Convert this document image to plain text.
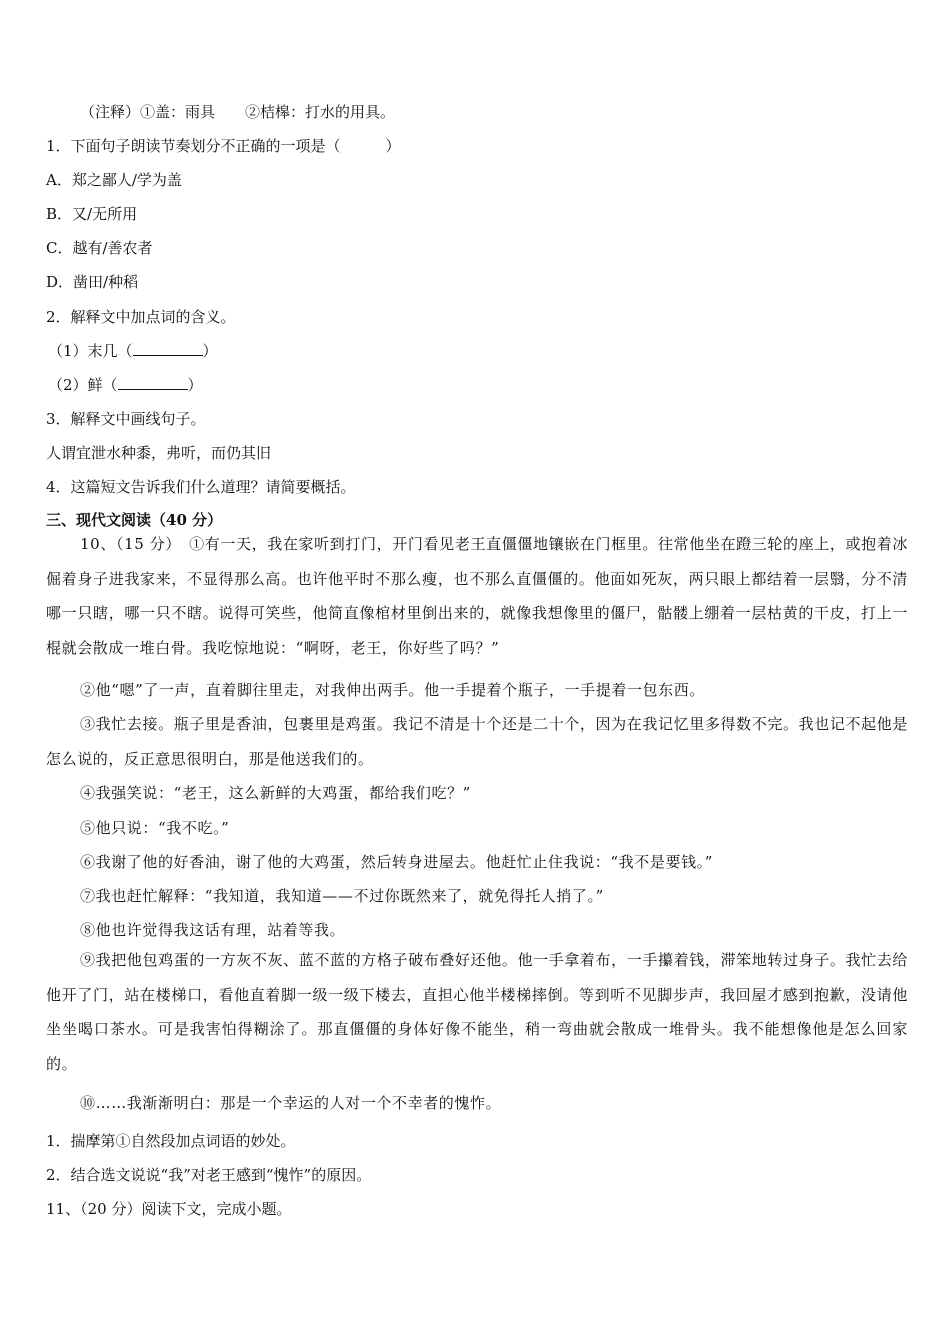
（注释）①盖：雨具　　②桔槔：打水的用具。
1．下面句子朗读节奏划分不正确的一项是（　　　）
A．郑之鄙人/学为盖
B．又/无所用
C．越有/善农者
D．凿田/种稻
2．解释文中加点词的含义。
（1）末几（	）
（2）鲜（	）
3．解释文中画线句子。
人谓宜泄水种黍，弗听，而仍其旧
4．这篇短文告诉我们什么道理？请简要概括。
三、现代文阅读（40 分）
10、（15 分）　①有一天，我在家听到打门，开门看见老王直僵僵地镶嵌在门框里。往常他坐在蹬三轮的座上，或抱着冰倔着身子进我家来，不显得那么高。也许他平时不那么瘦，也不那么直僵僵的。他面如死灰，两只眼上都结着一层翳，分不清哪一只瞎，哪一只不瞎。说得可笑些，他简直像棺材里倒出来的，就像我想像里的僵尸，骷髅上绷着一层枯黄的干皮，打上一棍就会散成一堆白骨。我吃惊地说：“啊呀，老王，你好些了吗？”
②他“嗯”了一声，直着脚往里走，对我伸出两手。他一手提着个瓶子，一手提着一包东西。
③我忙去接。瓶子里是香油，包裹里是鸡蛋。我记不清是十个还是二十个，因为在我记忆里多得数不完。我也记不起他是怎么说的，反正意思很明白，那是他送我们的。
④我强笑说：“老王，这么新鲜的大鸡蛋，都给我们吃？”
⑤他只说：“我不吃。”
⑥我谢了他的好香油，谢了他的大鸡蛋，然后转身进屋去。他赶忙止住我说：“我不是要钱。”
⑦我也赶忙解释：“我知道，我知道——不过你既然来了，就免得托人捎了。”
⑧他也许觉得我这话有理，站着等我。
⑨我把他包鸡蛋的一方灰不灰、蓝不蓝的方格子破布叠好还他。他一手拿着布，一手攥着钱，滞笨地转过身子。我忙去给他开了门，站在楼梯口，看他直着脚一级一级下楼去，直担心他半楼梯摔倒。等到听不见脚步声，我回屋才感到抱歉，没请他坐坐喝口茶水。可是我害怕得糊涂了。那直僵僵的身体好像不能坐，稍一弯曲就会散成一堆骨头。我不能想像他是怎么回家的。
⑩……我渐渐明白：那是一个幸运的人对一个不幸者的愧怍。
1．揣摩第①自然段加点词语的妙处。
2．结合选文说说“我”对老王感到“愧怍”的原因。
11、（20 分）阅读下文，完成小题。
